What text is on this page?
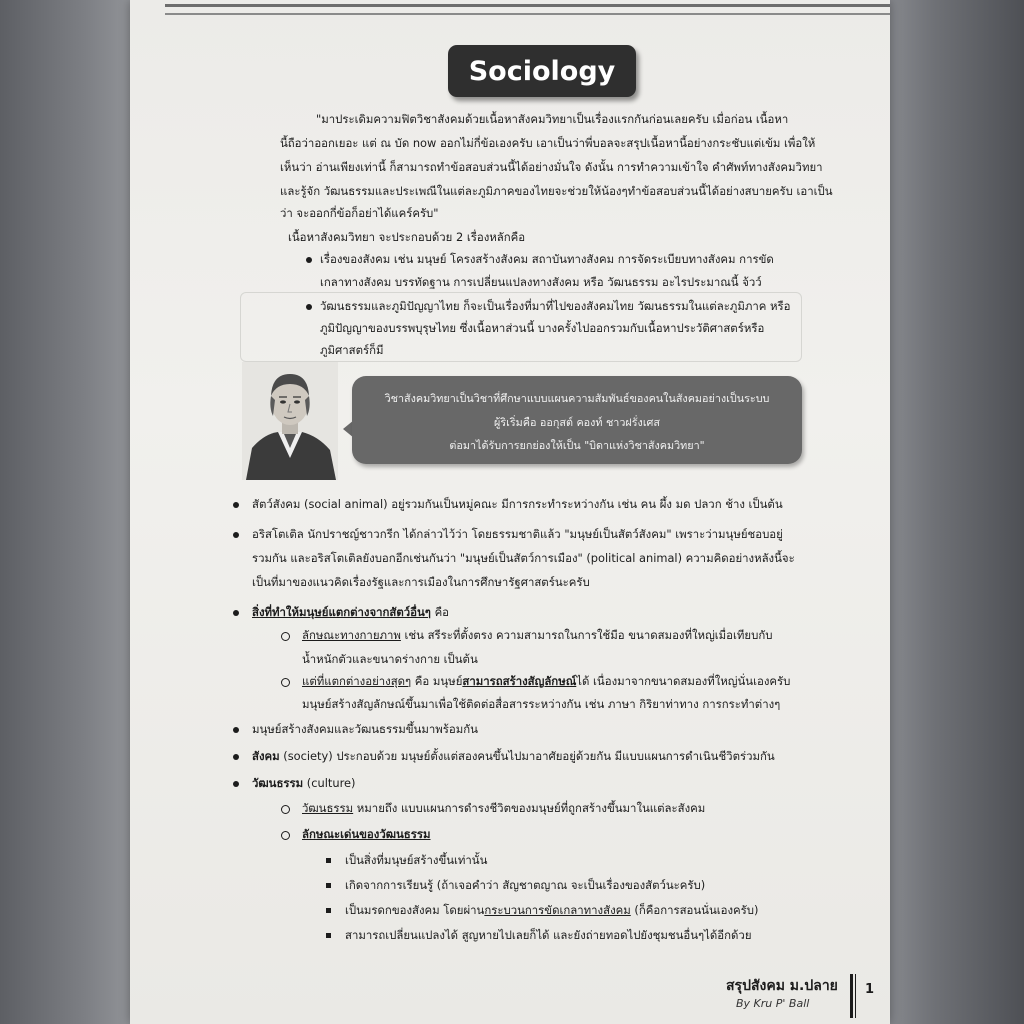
Sociology
"มาประเดิมความฟิตวิชาสังคมด้วยเนื้อหาสังคมวิทยาเป็นเรื่องแรกกันก่อนเลยครับ เมื่อก่อน เนื้อหา
นี้ถือว่าออกเยอะ แต่ ณ บัด now ออกไม่กี่ข้อเองครับ เอาเป็นว่าพี่บอลจะสรุปเนื้อหานี้อย่างกระชับแต่เข้ม เพื่อให้
เห็นว่า อ่านเพียงเท่านี้ ก็สามารถทำข้อสอบส่วนนี้ได้อย่างมั่นใจ ดังนั้น การทำความเข้าใจ คำศัพท์ทางสังคมวิทยา
และรู้จัก วัฒนธรรมและประเพณีในแต่ละภูมิภาคของไทยจะช่วยให้น้องๆทำข้อสอบส่วนนี้ได้อย่างสบายครับ เอาเป็น
ว่า จะออกกี่ข้อก็อย่าได้แคร์ครับ"
เนื้อหาสังคมวิทยา จะประกอบด้วย 2 เรื่องหลักคือ
เรื่องของสังคม เช่น มนุษย์ โครงสร้างสังคม สถาบันทางสังคม การจัดระเบียบทางสังคม การขัด
เกลาทางสังคม บรรทัดฐาน การเปลี่ยนแปลงทางสังคม หรือ วัฒนธรรม อะไรประมาณนี้ จ้วว์
วัฒนธรรมและภูมิปัญญาไทย ก็จะเป็นเรื่องที่มาที่ไปของสังคมไทย วัฒนธรรมในแต่ละภูมิภาค หรือ
ภูมิปัญญาของบรรพบุรุษไทย ซึ่งเนื้อหาส่วนนี้ บางครั้งไปออกรวมกับเนื้อหาประวัติศาสตร์หรือ
ภูมิศาสตร์ก็มี
วิชาสังคมวิทยาเป็นวิชาที่ศึกษาแบบแผนความสัมพันธ์ของคนในสังคมอย่างเป็นระบบ
ผู้ริเริ่มคือ ออกุสต์ คองท์ ชาวฝรั่งเศส
ต่อมาได้รับการยกย่องให้เป็น "บิดาแห่งวิชาสังคมวิทยา"
สัตว์สังคม (social animal) อยู่รวมกันเป็นหมู่คณะ มีการกระทำระหว่างกัน เช่น คน ผึ้ง มด ปลวก ช้าง เป็นต้น
อริสโตเติล นักปราชญ์ชาวกรีก ได้กล่าวไว้ว่า โดยธรรมชาติแล้ว "มนุษย์เป็นสัตว์สังคม" เพราะว่ามนุษย์ชอบอยู่
รวมกัน และอริสโตเติลยังบอกอีกเช่นกันว่า "มนุษย์เป็นสัตว์การเมือง" (political animal) ความคิดอย่างหลังนี้จะ
เป็นที่มาของแนวคิดเรื่องรัฐและการเมืองในการศึกษารัฐศาสตร์นะครับ
สิ่งที่ทำให้มนุษย์แตกต่างจากสัตว์อื่นๆ คือ
ลักษณะทางกายภาพ เช่น สรีระที่ตั้งตรง ความสามารถในการใช้มือ ขนาดสมองที่ใหญ่เมื่อเทียบกับ
น้ำหนักตัวและขนาดร่างกาย เป็นต้น
แต่ที่แตกต่างอย่างสุดๆ คือ มนุษย์สามารถสร้างสัญลักษณ์ได้ เนื่องมาจากขนาดสมองที่ใหญ่นั่นเองครับ
มนุษย์สร้างสัญลักษณ์ขึ้นมาเพื่อใช้ติดต่อสื่อสารระหว่างกัน เช่น ภาษา กิริยาท่าทาง การกระทำต่างๆ
มนุษย์สร้างสังคมและวัฒนธรรมขึ้นมาพร้อมกัน
สังคม (society) ประกอบด้วย มนุษย์ตั้งแต่สองคนขึ้นไปมาอาศัยอยู่ด้วยกัน มีแบบแผนการดำเนินชีวิตร่วมกัน
วัฒนธรรม (culture)
วัฒนธรรม หมายถึง แบบแผนการดำรงชีวิตของมนุษย์ที่ถูกสร้างขึ้นมาในแต่ละสังคม
ลักษณะเด่นของวัฒนธรรม
เป็นสิ่งที่มนุษย์สร้างขึ้นเท่านั้น
เกิดจากการเรียนรู้ (ถ้าเจอคำว่า สัญชาตญาณ จะเป็นเรื่องของสัตว์นะครับ)
เป็นมรดกของสังคม โดยผ่านกระบวนการขัดเกลาทางสังคม (ก็คือการสอนนั่นเองครับ)
สามารถเปลี่ยนแปลงได้ สูญหายไปเลยก็ได้ และยังถ่ายทอดไปยังชุมชนอื่นๆได้อีกด้วย
สรุปสังคม ม.ปลาย
By Kru P' Ball
1
